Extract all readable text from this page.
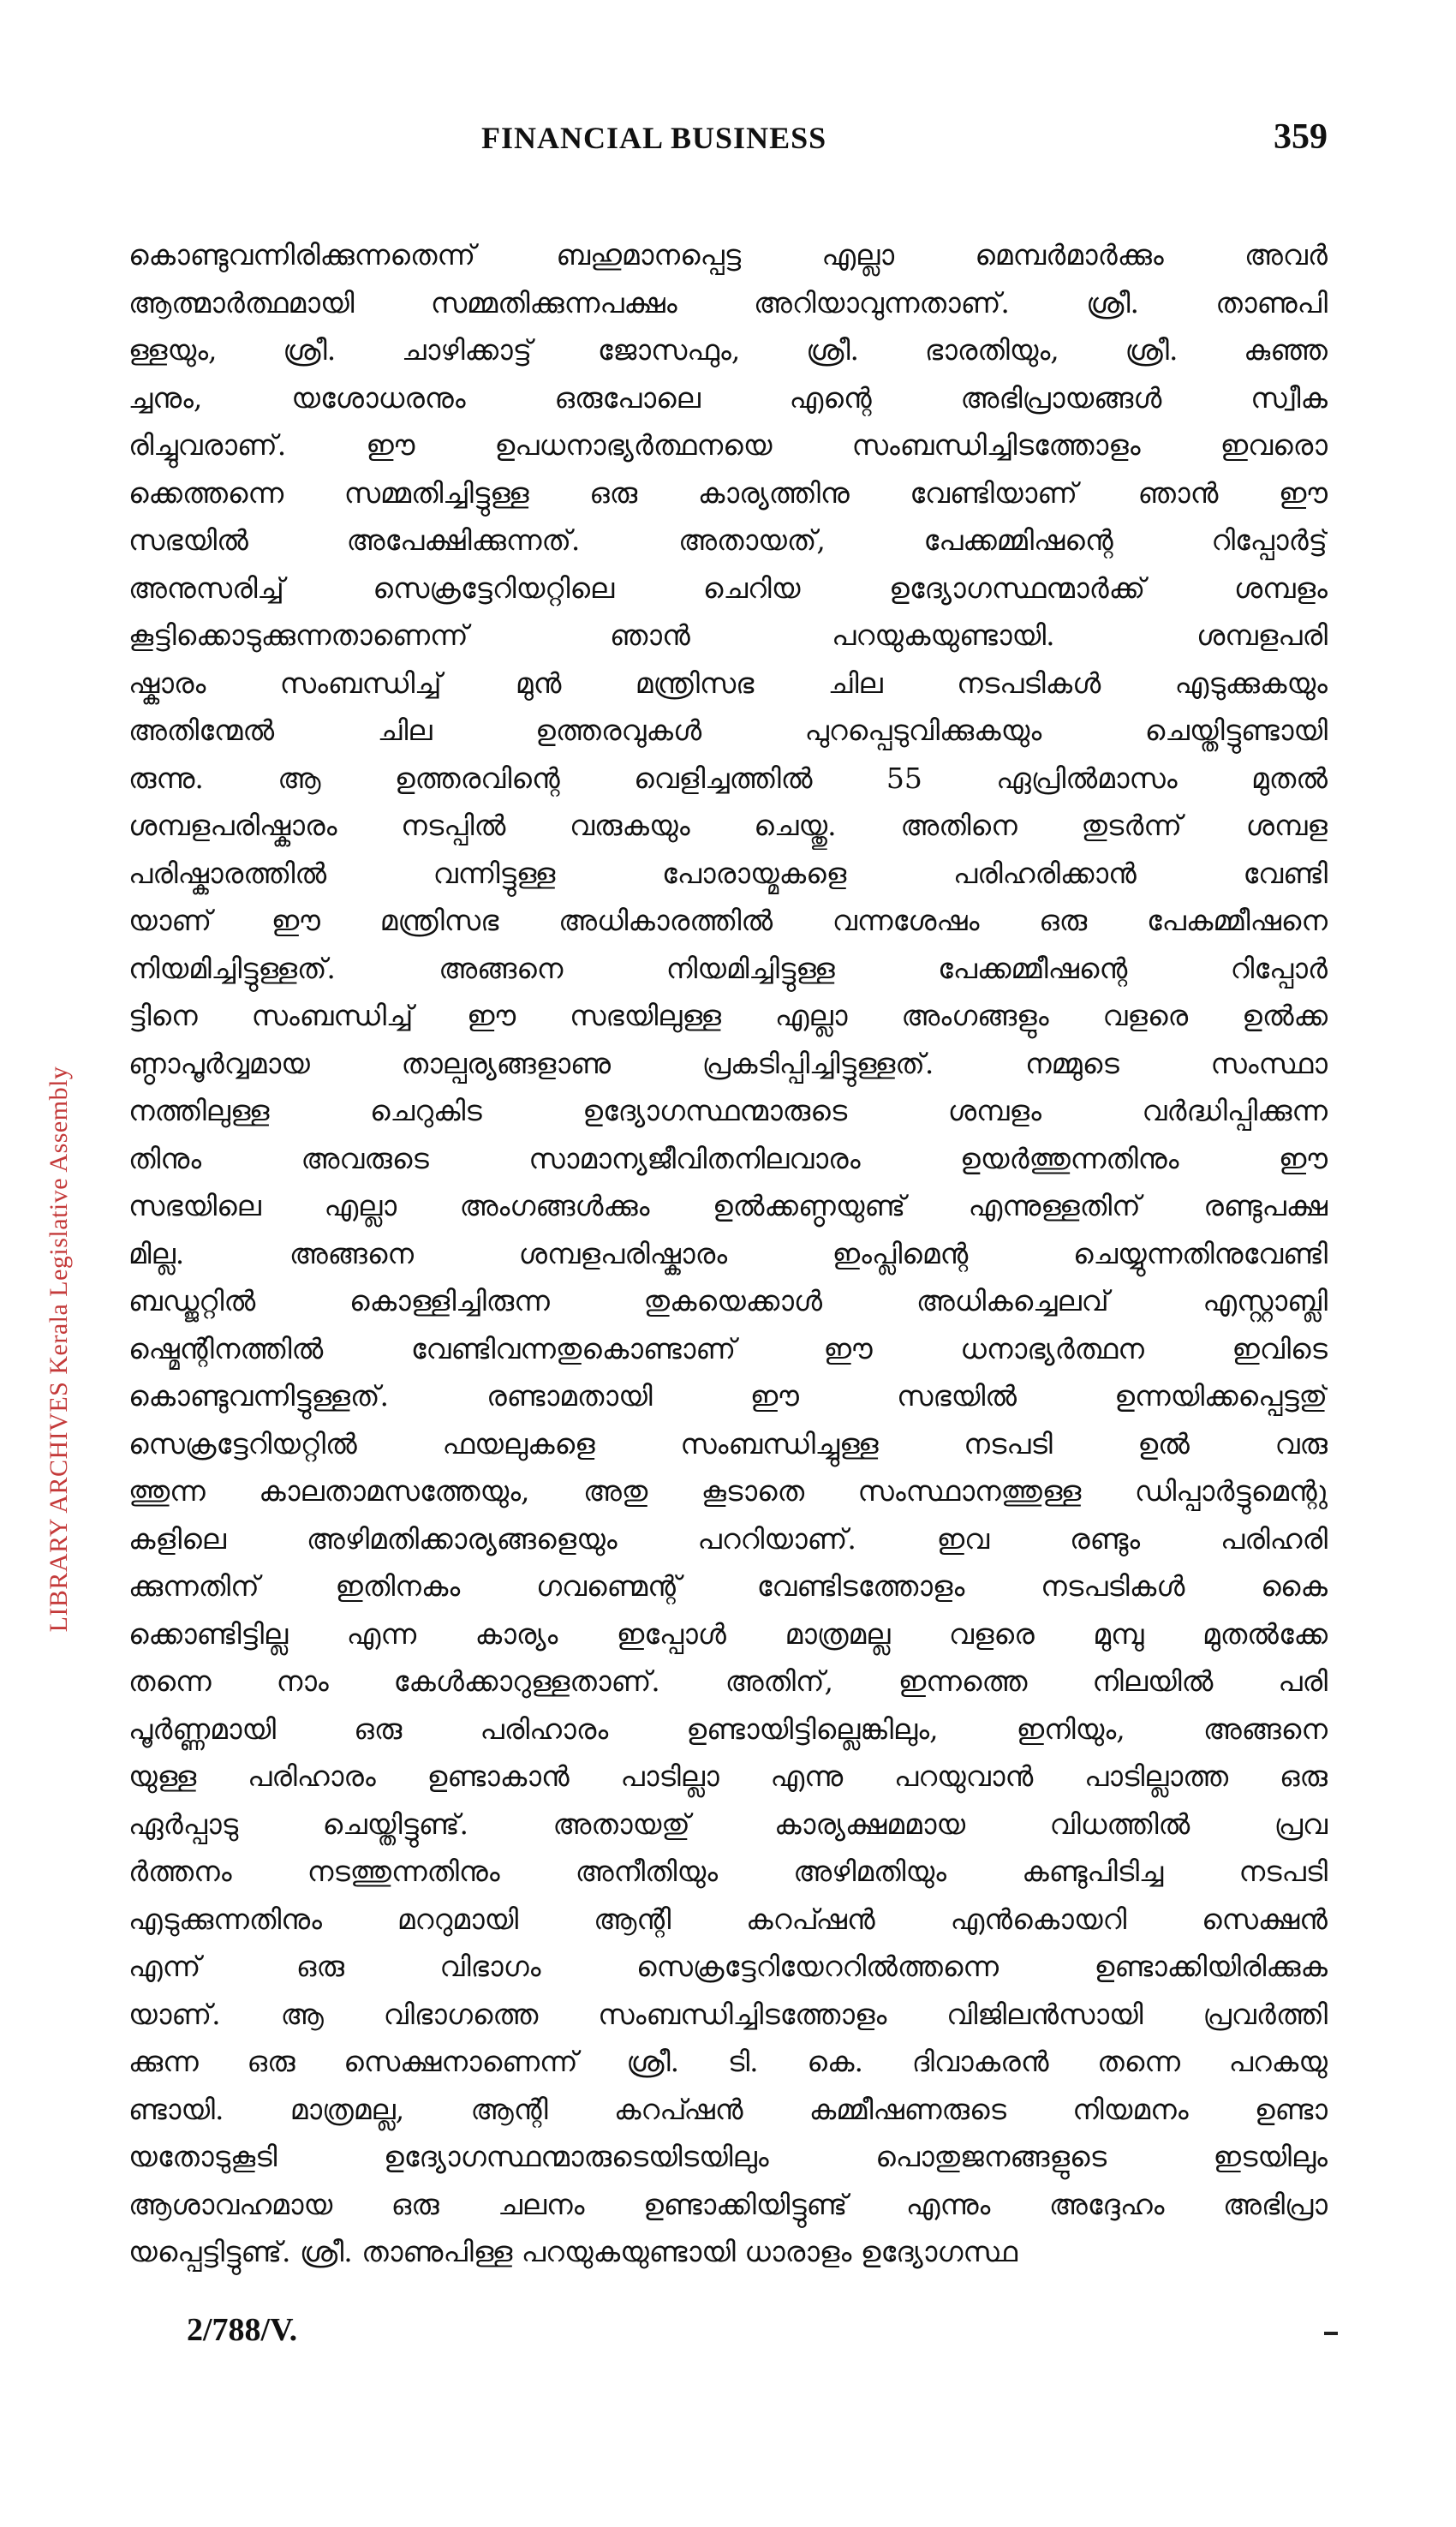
LIBRARY ARCHIVES Kerala Legislative Assembly
FINANCIAL BUSINESS	359
കൊണ്ടുവന്നിരിക്കുന്നതെന്ന് ബഹുമാനപ്പെട്ട എല്ലാ മെമ്പർമാർക്കും അവർ
ആത്മാർത്ഥമായി സമ്മതിക്കുന്നപക്ഷം അറിയാവുന്നതാണ്. ശ്രീ. താണുപി
ള്ളയും, ശ്രീ. ചാഴിക്കാട്ട് ജോസഫും, ശ്രീ. ഭാരതിയും, ശ്രീ. കുഞ്ഞ
ച്ചനും, യശോധരനും ഒരുപോലെ എന്റെ അഭിപ്രായങ്ങൾ സ്വീക
രിച്ചുവരാണ്. ഈ ഉപധനാഭ്യർത്ഥനയെ സംബന്ധിച്ചിടത്തോളം ഇവരൊ
ക്കെത്തന്നെ സമ്മതിച്ചിട്ടുള്ള ഒരു കാര്യത്തിനു വേണ്ടിയാണ് ഞാൻ ഈ
സഭയിൽ അപേക്ഷിക്കുന്നത്. അതായത്, പേക്കമ്മിഷന്റെ റിപ്പോർട്ട്
അനുസരിച്ച് സെക്രട്ടേറിയറ്റിലെ ചെറിയ ഉദ്യോഗസ്ഥന്മാർക്ക് ശമ്പളം
കൂട്ടിക്കൊടുക്കുന്നതാണെന്ന് ഞാൻ പറയുകയുണ്ടായി. ശമ്പളപരി
ഷ്കാരം സംബന്ധിച്ച് മുൻ മന്ത്രിസഭ ചില നടപടികൾ എടുക്കുകയും
അതിന്മേൽ ചില ഉത്തരവുകൾ പുറപ്പെടുവിക്കുകയും ചെയ്തിട്ടുണ്ടായി
രുന്നു. ആ ഉത്തരവിന്റെ വെളിച്ചത്തിൽ 55 ഏപ്രിൽമാസം മുതൽ
ശമ്പളപരിഷ്കാരം നടപ്പിൽ വരുകയും ചെയ്തു. അതിനെ തുടർന്ന് ശമ്പള
പരിഷ്കാരത്തിൽ വന്നിട്ടുള്ള പോരായ്മകളെ പരിഹരിക്കാൻ വേണ്ടി
യാണ് ഈ മന്ത്രിസഭ അധികാരത്തിൽ വന്നശേഷം ഒരു പേകമ്മീഷനെ
നിയമിച്ചിട്ടുള്ളത്. അങ്ങനെ നിയമിച്ചിട്ടുള്ള പേക്കമ്മീഷന്റെ റിപ്പോർ
ട്ടിനെ സംബന്ധിച്ച് ഈ സഭയിലുള്ള എല്ലാ അംഗങ്ങളും വളരെ ഉൽക്ക
ണ്ഠാപൂർവ്വമായ താല്പര്യങ്ങളാണു പ്രകടിപ്പിച്ചിട്ടുള്ളത്. നമ്മുടെ സംസ്ഥാ
നത്തിലുള്ള ചെറുകിട ഉദ്യോഗസ്ഥന്മാരുടെ ശമ്പളം വർദ്ധിപ്പിക്കുന്ന
തിനും അവരുടെ സാമാന്യജീവിതനിലവാരം ഉയർത്തുന്നതിനും ഈ
സഭയിലെ എല്ലാ അംഗങ്ങൾക്കും ഉൽക്കണ്ഠയുണ്ട് എന്നുള്ളതിന് രണ്ടുപക്ഷ
മില്ല. അങ്ങനെ ശമ്പളപരിഷ്കാരം ഇംപ്ലിമെന്റ ചെയ്യുന്നതിനുവേണ്ടി
ബഡ്ജറ്റിൽ കൊള്ളിച്ചിരുന്ന തുകയെക്കാൾ അധികച്ചെലവ് എസ്റ്റാബ്ലി
ഷ്മെന്റിനത്തിൽ വേണ്ടിവന്നതുകൊണ്ടാണ് ഈ ധനാഭ്യർത്ഥന ഇവിടെ
കൊണ്ടുവന്നിട്ടുള്ളത്. രണ്ടാമതായി ഈ സഭയിൽ ഉന്നയിക്കപ്പെട്ടതു്
സെക്രട്ടേറിയറ്റിൽ ഫയലുകളെ സംബന്ധിച്ചുള്ള നടപടി ഉൽ വരു
ത്തുന്ന കാലതാമസത്തേയും, അതു കൂടാതെ സംസ്ഥാനത്തുള്ള ഡിപ്പാർട്ടുമെന്റു
കളിലെ അഴിമതിക്കാര്യങ്ങളെയും പററിയാണ്. ഇവ രണ്ടും പരിഹരി
ക്കുന്നതിന് ഇതിനകം ഗവണ്മെന്റ് വേണ്ടിടത്തോളം നടപടികൾ കൈ
ക്കൊണ്ടിട്ടില്ല എന്ന കാര്യം ഇപ്പോൾ മാത്രമല്ല വളരെ മുമ്പു മുതൽക്കേ
തന്നെ നാം കേൾക്കാറുള്ളതാണ്. അതിന്, ഇന്നത്തെ നിലയിൽ പരി
പൂർണ്ണമായി ഒരു പരിഹാരം ഉണ്ടായിട്ടില്ലെങ്കിലും, ഇനിയും, അങ്ങനെ
യുള്ള പരിഹാരം ഉണ്ടാകാൻ പാടില്ലാ എന്നു പറയുവാൻ പാടില്ലാത്ത ഒരു
ഏർപ്പാടു ചെയ്തിട്ടുണ്ട്. അതായതു് കാര്യക്ഷമമായ വിധത്തിൽ പ്രവ
ർത്തനം നടത്തുന്നതിനും അനീതിയും അഴിമതിയും കണ്ടുപിടിച്ച നടപടി
എടുക്കുന്നതിനും മററുമായി ആന്റി കറപ്ഷൻ എൻകൊയറി സെക്ഷൻ
എന്ന് ഒരു വിഭാഗം സെക്രട്ടേറിയേററിൽത്തന്നെ ഉണ്ടാക്കിയിരിക്കുക
യാണ്. ആ വിഭാഗത്തെ സംബന്ധിച്ചിടത്തോളം വിജിലൻസായി പ്രവർത്തി
ക്കുന്ന ഒരു സെക്ഷനാണെന്ന് ശ്രീ. ടി. കെ. ദിവാകരൻ തന്നെ പറകയു
ണ്ടായി. മാത്രമല്ല, ആന്റി കറപ്ഷൻ കമ്മീഷണരുടെ നിയമനം ഉണ്ടാ
യതോടുകൂടി ഉദ്യോഗസ്ഥന്മാരുടെയിടയിലും പൊതുജനങ്ങളുടെ ഇടയിലും
ആശാവഹമായ ഒരു ചലനം ഉണ്ടാക്കിയിട്ടുണ്ട് എന്നും അദ്ദേഹം അഭിപ്രാ
യപ്പെട്ടിട്ടുണ്ട്. ശ്രീ. താണുപിള്ള പറയുകയുണ്ടായി ധാരാളം ഉദ്യോഗസ്ഥ
2/788/V.
